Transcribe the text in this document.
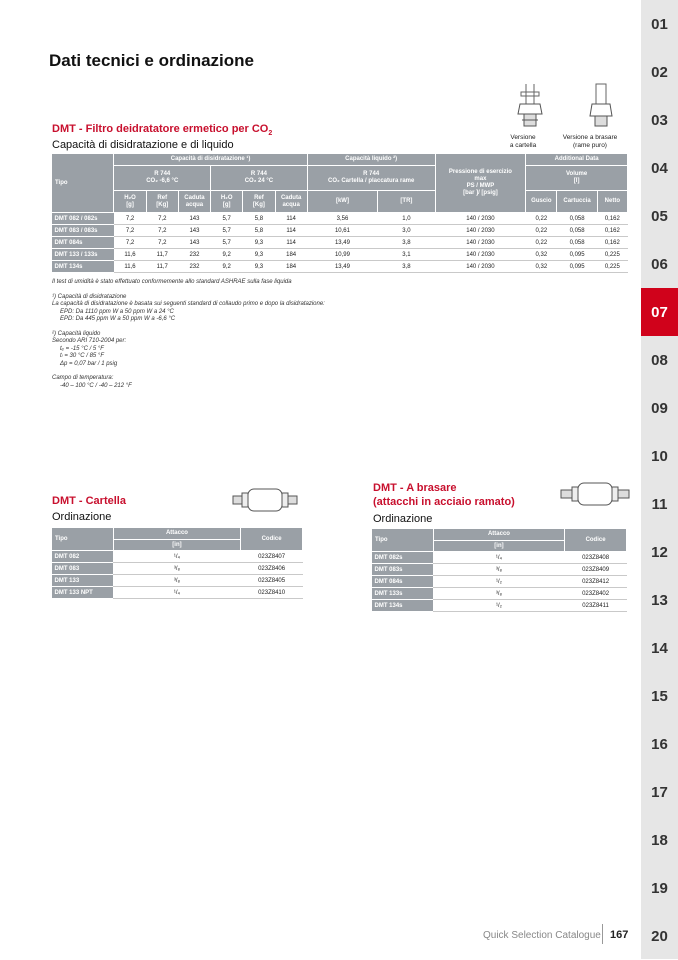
Dati tecnici e ordinazione
01
02
03
04
05
06
07
08
09
10
11
12
13
14
15
16
17
18
19
20
DMT - Filtro deidratatore ermetico per $CO_2$
Capacità di disidratazione e di liquido
Versione
a cartella
Versione a brasare
(rame puro)
Tipo	Capacità di disidratazione ¹)						Capacità liquido ²)		Pressione di esercizio
max
PS / MWP
[bar ]/ [psig]	Additional Data		
	R 744
CO₂ -6,6 °C			R 744
CO₂ 24 °C			R 744
CO₂ Cartella / placcatura rame			Volume
[l]		
	H₂O
[g]	Ref
[Kg]	Caduta
acqua	H₂O
[g]	Ref
[Kg]	Caduta
acqua	[kW]	[TR]		Guscio	Cartuccia	Netto
DMT 082 / 082s	7,2	7,2	143	5,7	5,8	114	3,56	1,0	140 / 2030	0,22	0,058	0,162
DMT 083 / 083s	7,2	7,2	143	5,7	5,8	114	10,61	3,0	140 / 2030	0,22	0,058	0,162
DMT 084s	7,2	7,2	143	5,7	9,3	114	13,49	3,8	140 / 2030	0,22	0,058	0,162
DMT 133 / 133s	11,6	11,7	232	9,2	9,3	184	10,99	3,1	140 / 2030	0,32	0,095	0,225
DMT 134s	11,6	11,7	232	9,2	9,3	184	13,49	3,8	140 / 2030	0,32	0,095	0,225
Il test di umidità è stato effettuato conformemente allo standard ASHRAE sulla fase liquida
¹) Capacità di disidratazione
La capacità di disidratazione è basata sui seguenti standard di collaudo primo e dopo la disidratazione:
EPD: Da 1110 ppm W a 50 ppm W a 24 °C
EPD: Da 445 ppm W a 50 ppm W a -6,6 °C
²) Capacità liquido
Secondo ARI 710-2004 per:
tₑ = -15 °C / 5 °F
tₗ = 30 °C / 85 °F
Δp = 0,07 bar / 1 psig
Campo di temperatura:
-40 – 100 °C / -40 – 212 °F
DMT - Cartella
Ordinazione
Tipo	Attacco	Codice
	[in]	
DMT 082	¹/₄	023Z8407
DMT 083	³/₈	023Z8406
DMT 133	³/₈	023Z8405
DMT 133 NPT	¹/₄	023Z8410
DMT - A brasare
(attacchi in acciaio ramato)
Ordinazione
Tipo	Attacco	Codice
	[in]	
DMT 082s	¹/₄	023Z8408
DMT 083s	³/₈	023Z8409
DMT 084s	¹/₂	023Z8412
DMT 133s	³/₈	023Z8402
DMT 134s	¹/₂	023Z8411
Quick Selection Catalogue 167
